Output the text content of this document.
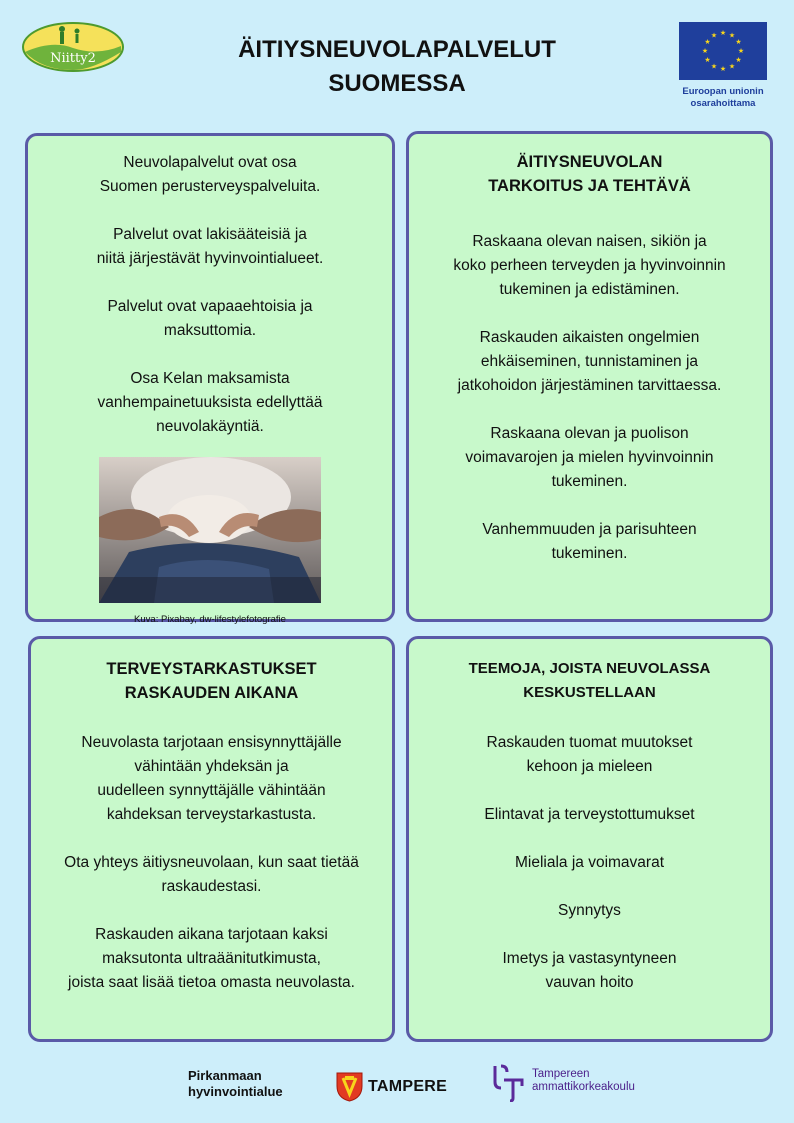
Niitty2	ÄITIYSNEUVOLAPALVELUT
SUOMESSA
★ ★
★
★
★
★
★
★
★
★
★
★
Euroopan unionin
osarahoittama

Neuvolapalvelut ovat osa

Suomen perusterveyspalveluita.

Palvelut ovat lakisääteisiä ja

niitä järjestävät hyvinvointialueet.

Palvelut ovat vapaaehtoisia ja

maksuttomia.

Osa Kelan maksamista

vanhempainetuuksista edellyttää

neuvolakäyntiä.

Kuva: Pixabay, dw-lifestylefotografie
ÄITIYSNEUVOLAN
TARKOITUS JA TEHTÄVÄ

Raskaana olevan naisen, sikiön ja

koko perheen terveyden ja hyvinvoinnin

tukeminen ja edistäminen.

Raskauden aikaisten ongelmien

ehkäiseminen, tunnistaminen ja

jatkohoidon järjestäminen tarvittaessa.

Raskaana olevan ja puolison

voimavarojen ja mielen hyvinvoinnin

tukeminen.

Vanhemmuuden ja parisuhteen

tukeminen.

TERVEYSTARKASTUKSET
RASKAUDEN AIKANA

Neuvolasta tarjotaan ensisynnyttäjälle

vähintään yhdeksän ja

uudelleen synnyttäjälle vähintään

kahdeksan terveystarkastusta.

Ota yhteys äitiysneuvolaan, kun saat tietää

raskaudestasi.

Raskauden aikana tarjotaan kaksi

maksutonta ultraäänitutkimusta,

joista saat lisää tietoa omasta neuvolasta.

TEEMOJA, JOISTA NEUVOLASSA
KESKUSTELLAAN

Raskauden tuomat muutokset

kehoon ja mieleen

Elintavat ja terveystottumukset

Mieliala ja voimavarat

Synnytys

Imetys ja vastasyntyneen

vauvan hoito

Pirkanmaan
hyvinvointialue	TAMPERE
Tampereen
ammattikorkeakoulu
